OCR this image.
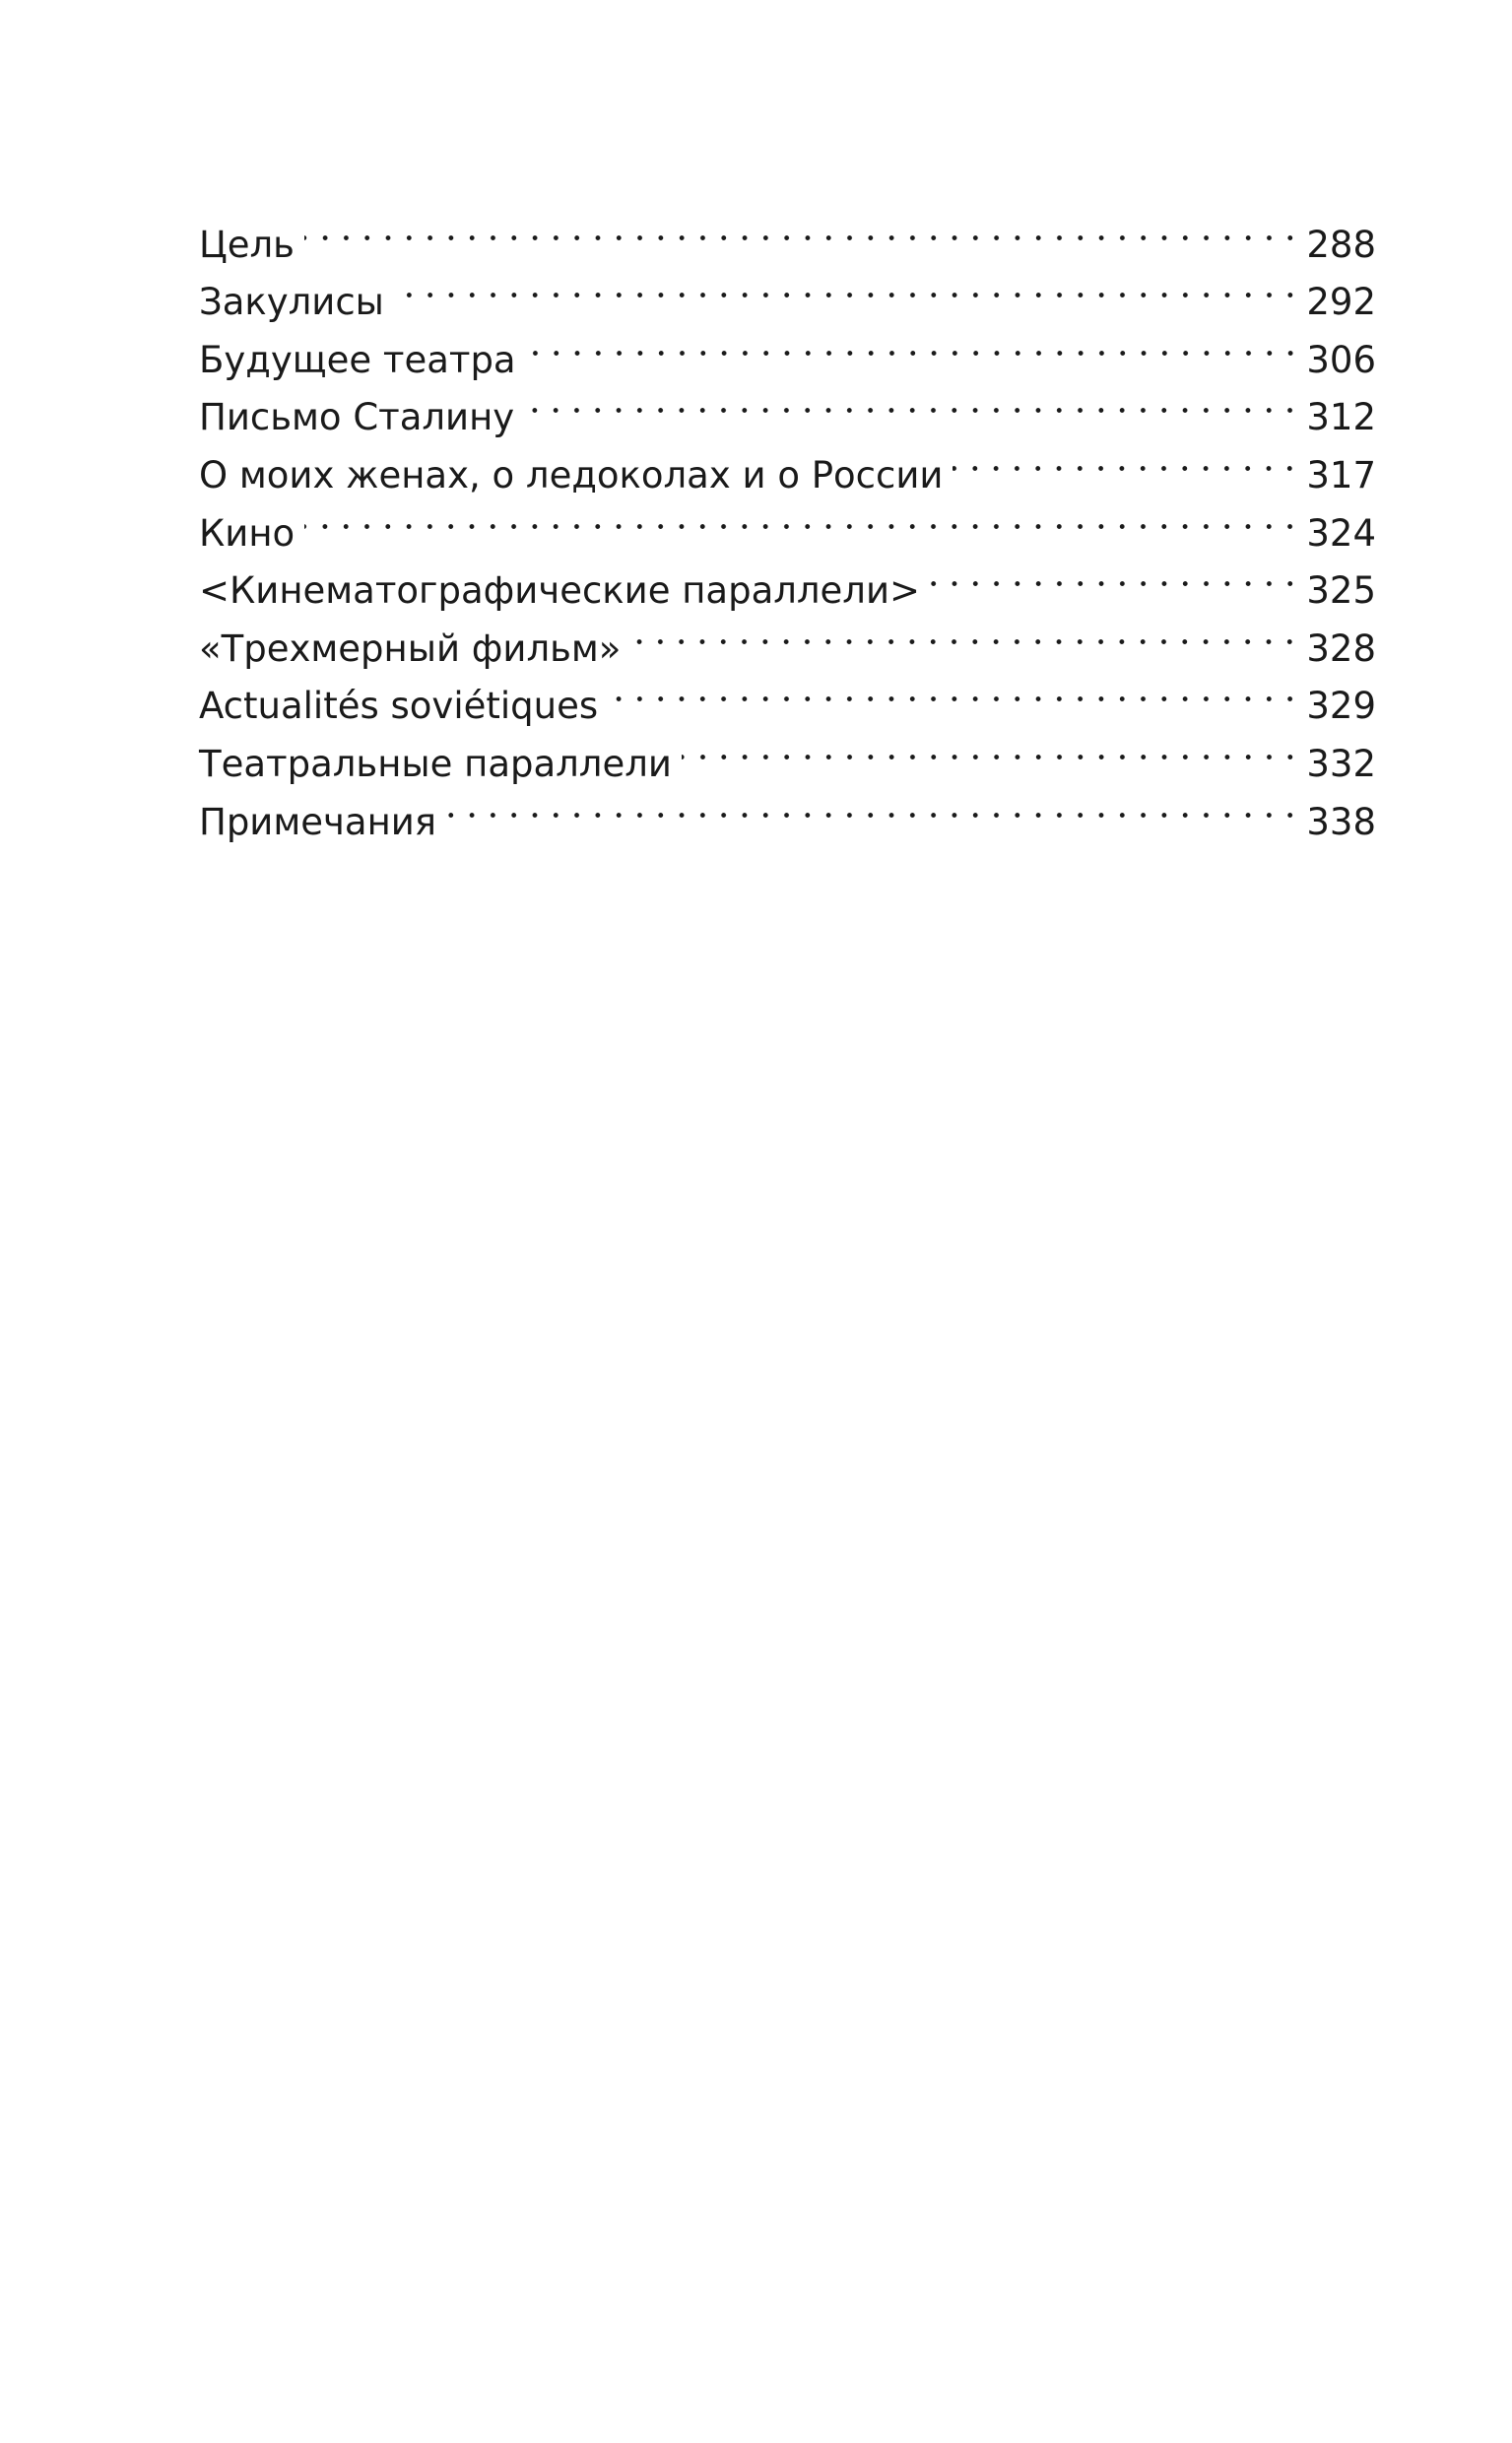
Цель	288
Закулисы	292
Будущее театра	306
Письмо Сталину	312
О моих женах, о ледоколах и о России	317
Кино	324
<Кинематографические параллели>	325
«Трехмерный фильм»	328
Actualités soviétiques	329
Театральные параллели	332
Примечания	338
